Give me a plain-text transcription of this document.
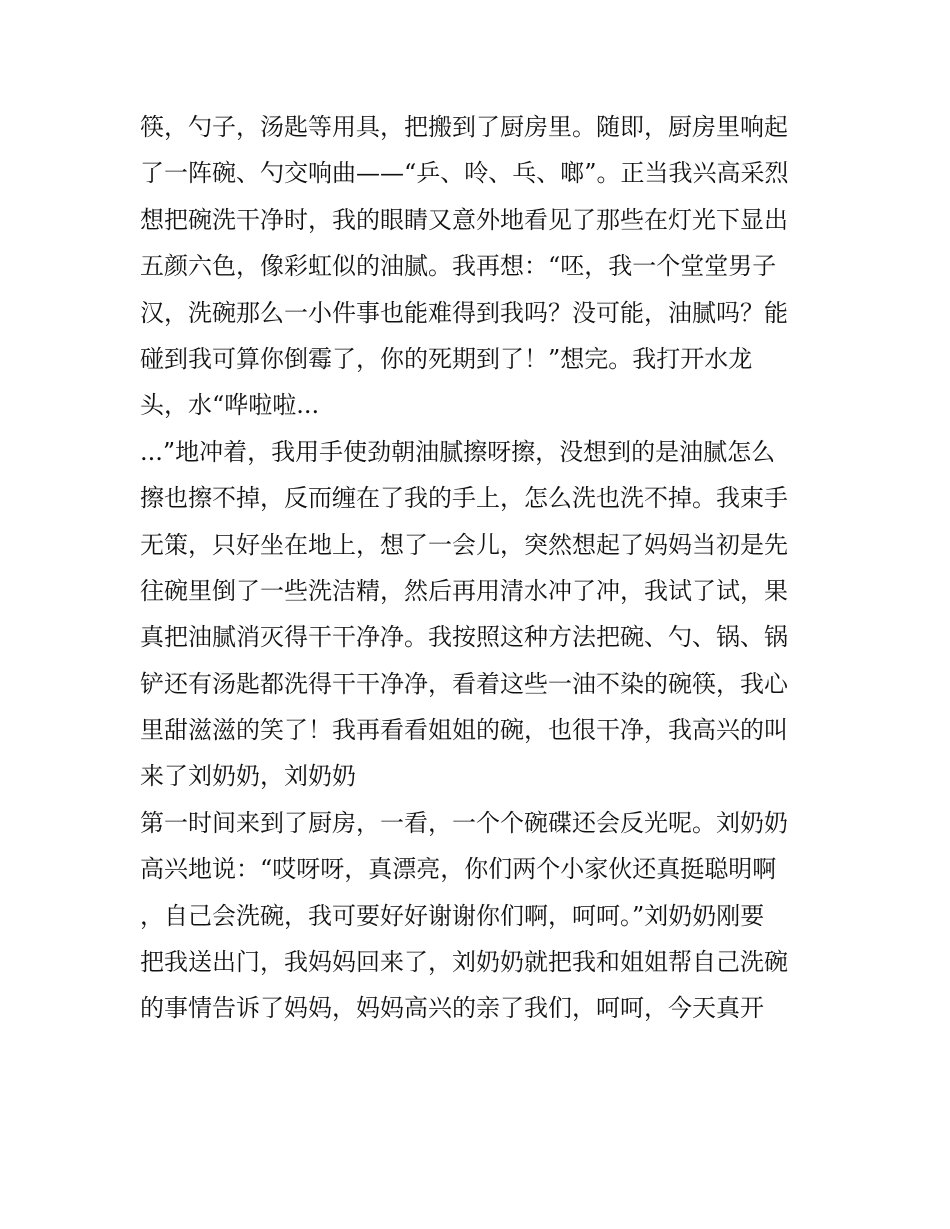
筷，勺子，汤匙等用具，把搬到了厨房里。随即，厨房里响起
了一阵碗、勺交响曲——“乒、呤、乓、啷”。正当我兴高采烈
想把碗洗干净时，我的眼睛又意外地看见了那些在灯光下显出
五颜六色，像彩虹似的油腻。我再想：“呸，我一个堂堂男子
汉，洗碗那么一小件事也能难得到我吗？没可能，油腻吗？能
碰到我可算你倒霉了，你的死期到了！”想完。我打开水龙
头，水“哗啦啦...
...”地冲着，我用手使劲朝油腻擦呀擦，没想到的是油腻怎么
擦也擦不掉，反而缠在了我的手上，怎么洗也洗不掉。我束手
无策，只好坐在地上，想了一会儿，突然想起了妈妈当初是先
往碗里倒了一些洗洁精，然后再用清水冲了冲，我试了试，果
真把油腻消灭得干干净净。我按照这种方法把碗、勺、锅、锅
铲还有汤匙都洗得干干净净，看着这些一油不染的碗筷，我心
里甜滋滋的笑了！我再看看姐姐的碗，也很干净，我高兴的叫
来了刘奶奶，刘奶奶
第一时间来到了厨房，一看，一个个碗碟还会反光呢。刘奶奶
高兴地说：“哎呀呀，真漂亮，你们两个小家伙还真挺聪明啊
，自己会洗碗，我可要好好谢谢你们啊，呵呵。”刘奶奶刚要
把我送出门，我妈妈回来了，刘奶奶就把我和姐姐帮自己洗碗
的事情告诉了妈妈，妈妈高兴的亲了我们，呵呵，今天真开
